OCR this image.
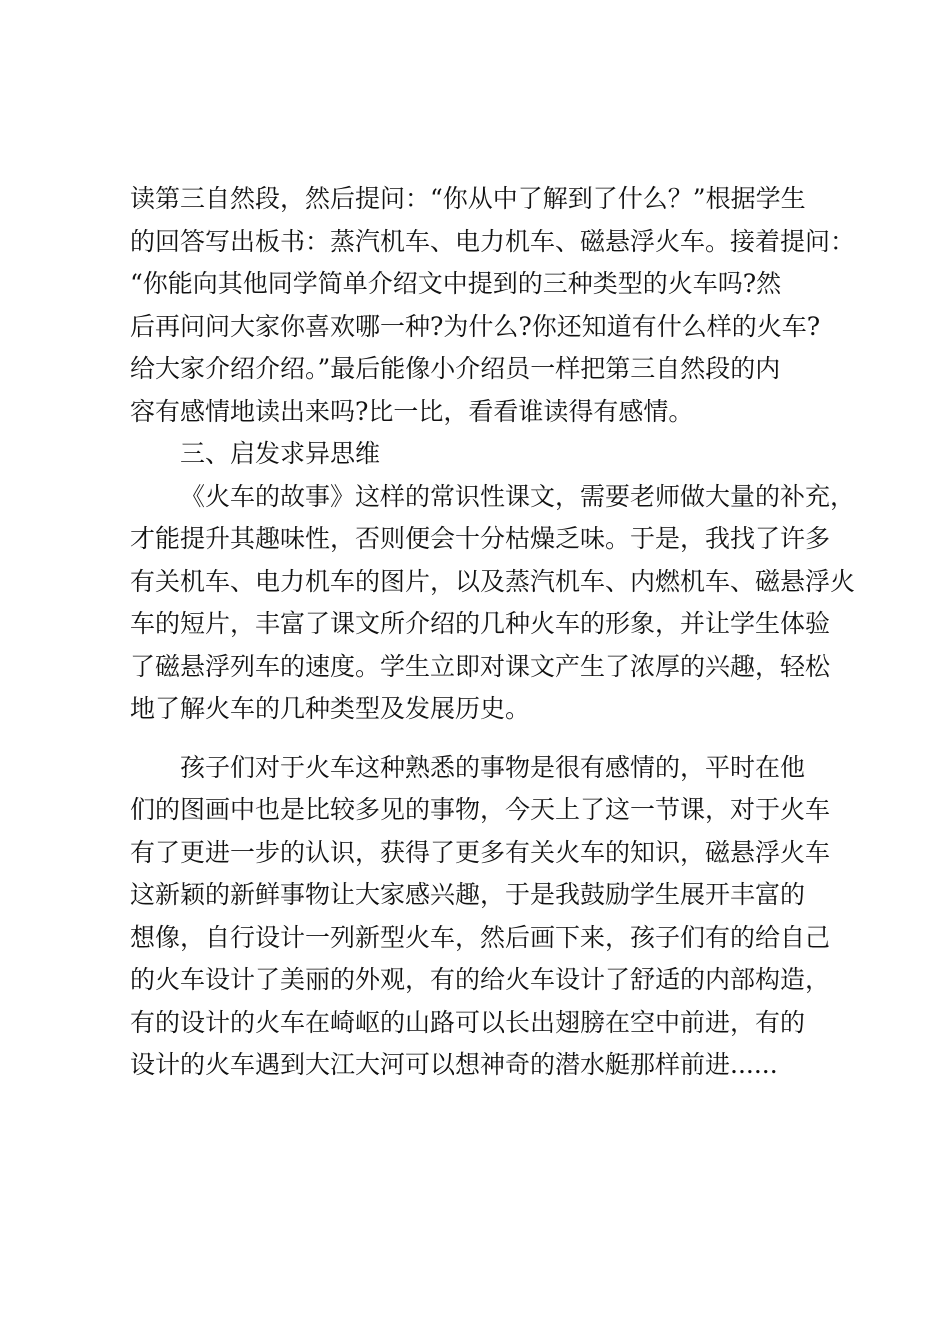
读第三自然段，然后提问：“你从中了解到了什么？”根据学生
的回答写出板书：蒸汽机车、电力机车、磁悬浮火车。接着提问：
“你能向其他同学简单介绍文中提到的三种类型的火车吗?然
后再问问大家你喜欢哪一种?为什么?你还知道有什么样的火车?
给大家介绍介绍。”最后能像小介绍员一样把第三自然段的内
容有感情地读出来吗?比一比，看看谁读得有感情。

三、启发求异思维

《火车的故事》这样的常识性课文，需要老师做大量的补充，
才能提升其趣味性，否则便会十分枯燥乏味。于是，我找了许多
有关机车、电力机车的图片，以及蒸汽机车、内燃机车、磁悬浮火
车的短片，丰富了课文所介绍的几种火车的形象，并让学生体验
了磁悬浮列车的速度。学生立即对课文产生了浓厚的兴趣，轻松
地了解火车的几种类型及发展历史。

孩子们对于火车这种熟悉的事物是很有感情的，平时在他
们的图画中也是比较多见的事物，今天上了这一节课，对于火车
有了更进一步的认识，获得了更多有关火车的知识，磁悬浮火车
这新颖的新鲜事物让大家感兴趣，于是我鼓励学生展开丰富的
想像，自行设计一列新型火车，然后画下来，孩子们有的给自己
的火车设计了美丽的外观，有的给火车设计了舒适的内部构造，
有的设计的火车在崎岖的山路可以长出翅膀在空中前进，有的
设计的火车遇到大江大河可以想神奇的潜水艇那样前进......
